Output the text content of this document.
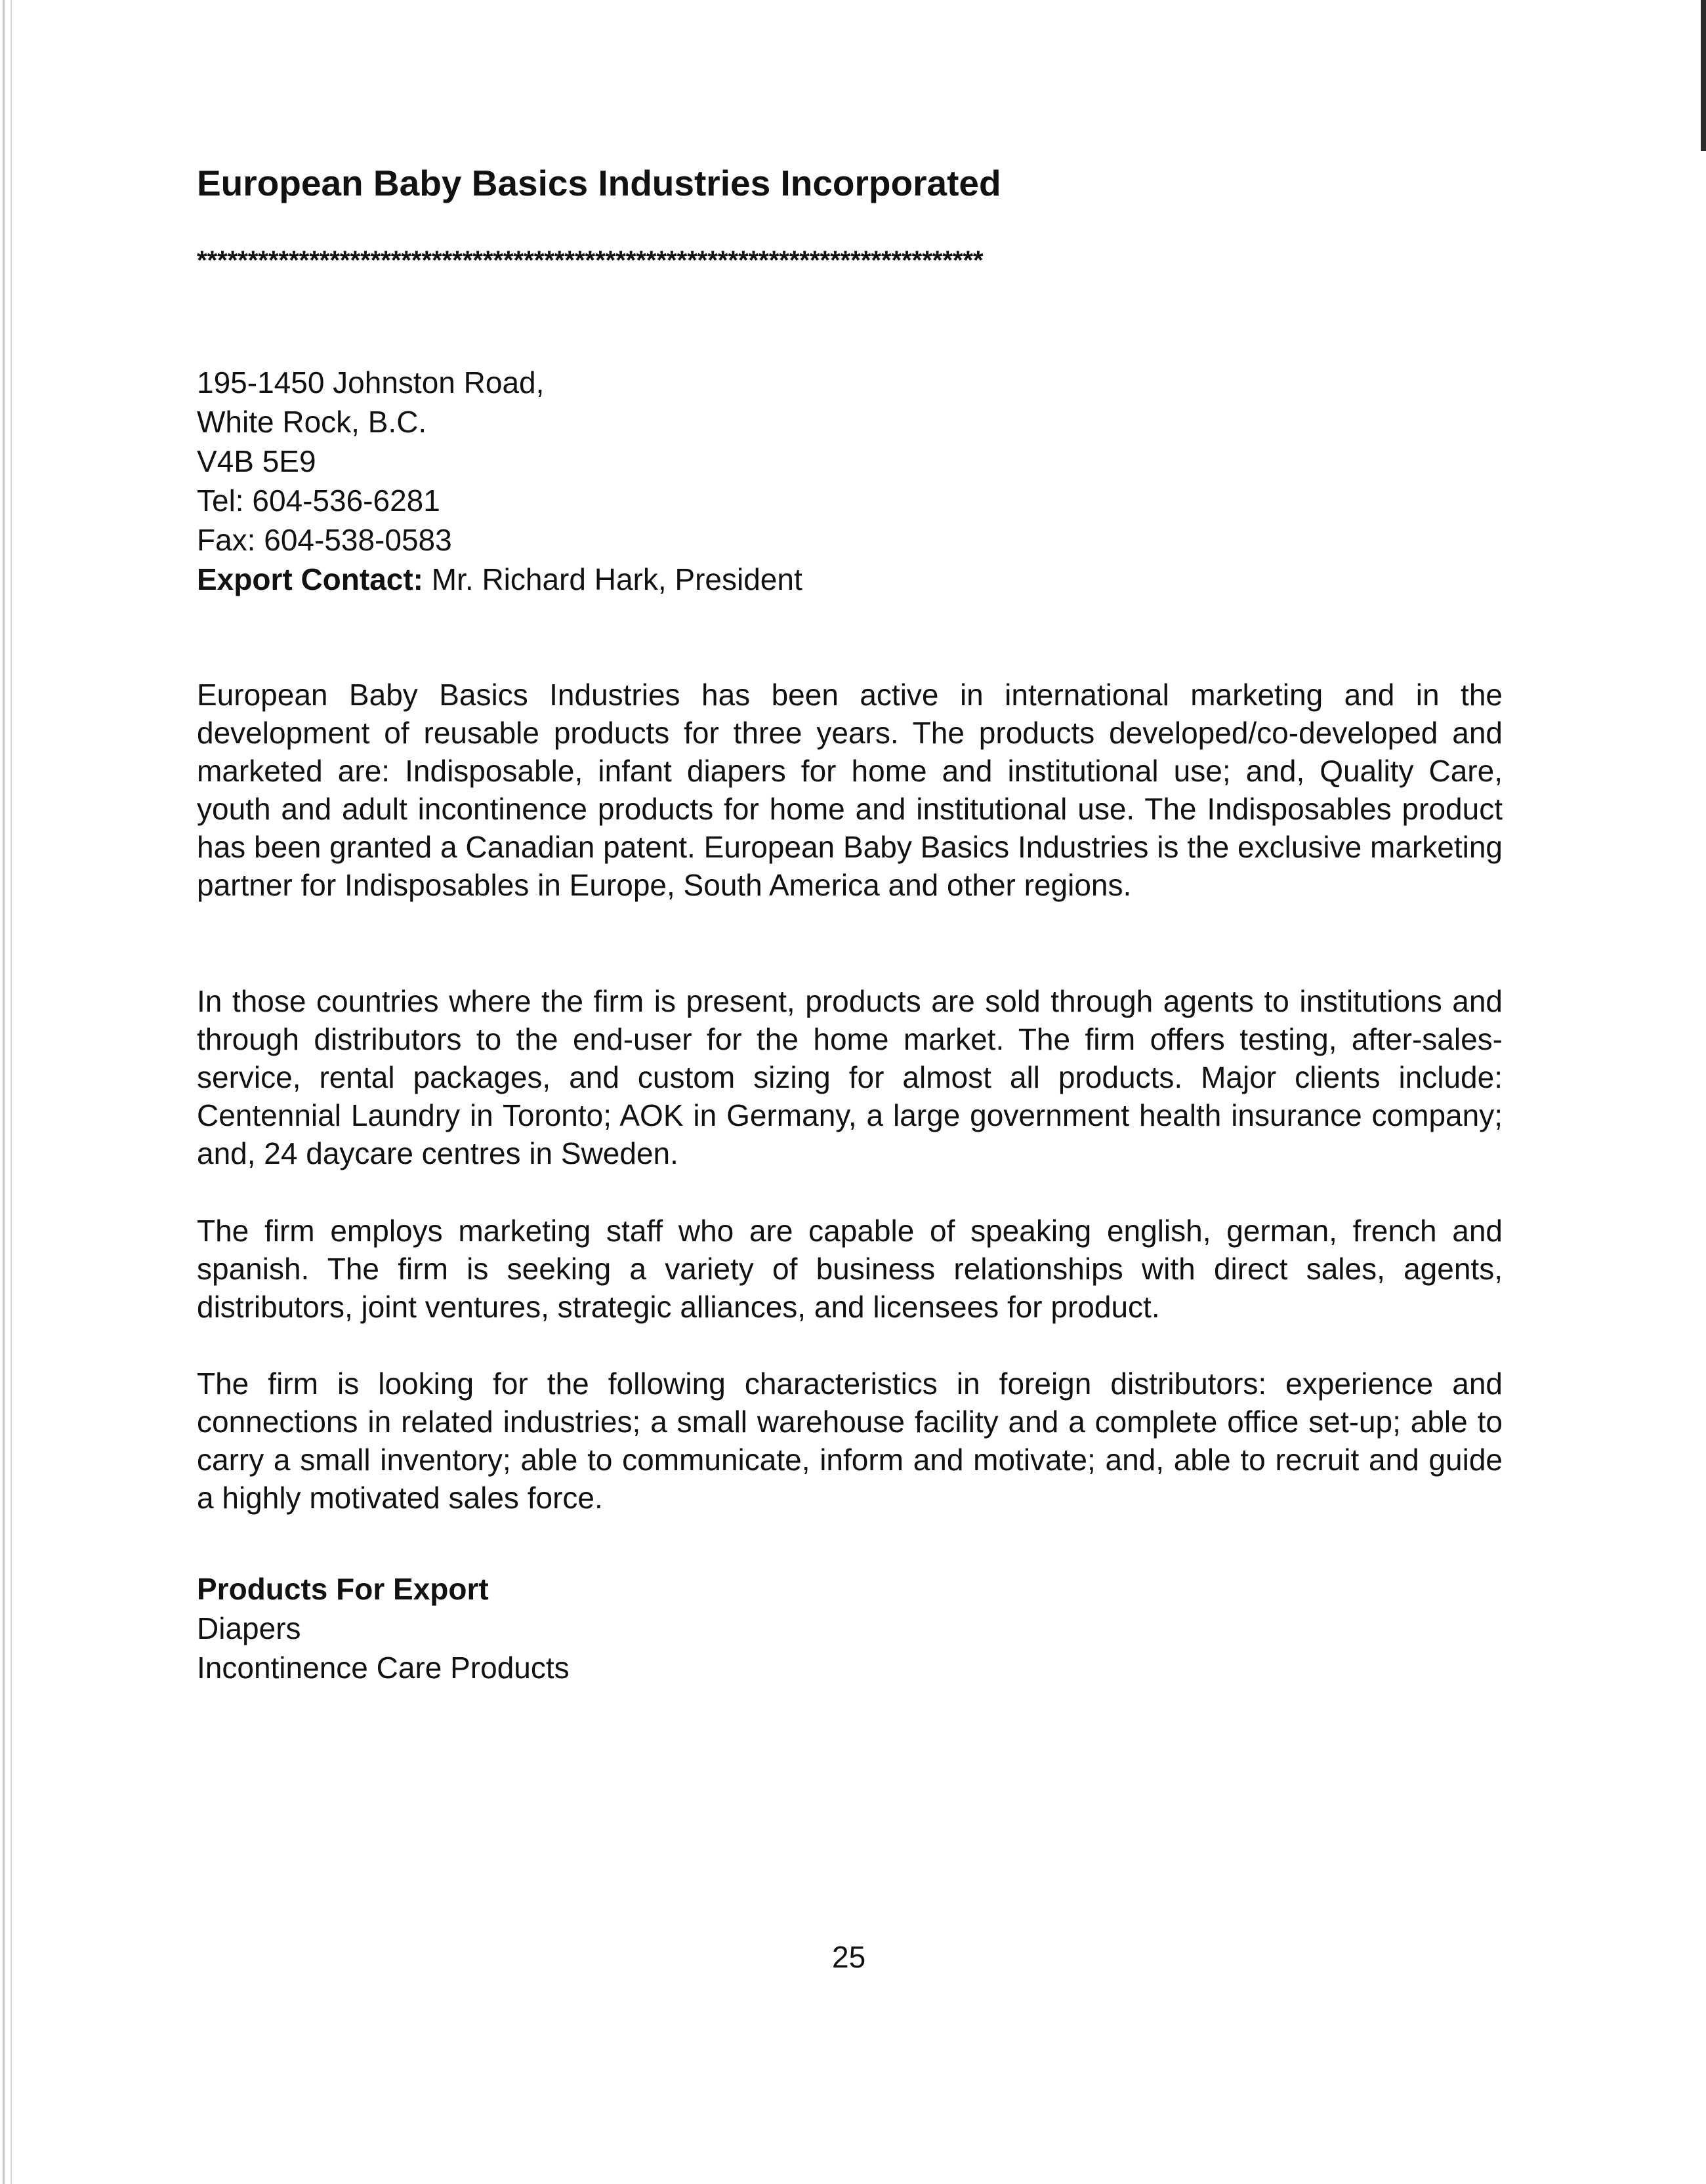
European Baby Basics Industries Incorporated
*****************************************************************************
195-1450 Johnston Road,
White Rock, B.C.
V4B 5E9
Tel: 604-536-6281
Fax: 604-538-0583
Export Contact: Mr. Richard Hark, President

European Baby Basics Industries has been active in international marketing and in the development of reusable products for three years. The products developed/co-developed and marketed are: Indisposable, infant diapers for home and institutional use; and, Quality Care, youth and adult incontinence products for home and institutional use. The Indisposables product has been granted a Canadian patent. European Baby Basics Industries is the exclusive marketing partner for Indisposables in Europe, South America and other regions.

In those countries where the firm is present, products are sold through agents to institutions and through distributors to the end-user for the home market. The firm offers testing, after-sales-service, rental packages, and custom sizing for almost all products. Major clients include: Centennial Laundry in Toronto; AOK in Germany, a large government health insurance company; and, 24 daycare centres in Sweden.

The firm employs marketing staff who are capable of speaking english, german, french and spanish. The firm is seeking a variety of business relationships with direct sales, agents, distributors, joint ventures, strategic alliances, and licensees for product.

The firm is looking for the following characteristics in foreign distributors: experience and connections in related industries; a small warehouse facility and a complete office set-up; able to carry a small inventory; able to communicate, inform and motivate; and, able to recruit and guide a highly motivated sales force.

Products For Export
Diapers
Incontinence Care Products
25
